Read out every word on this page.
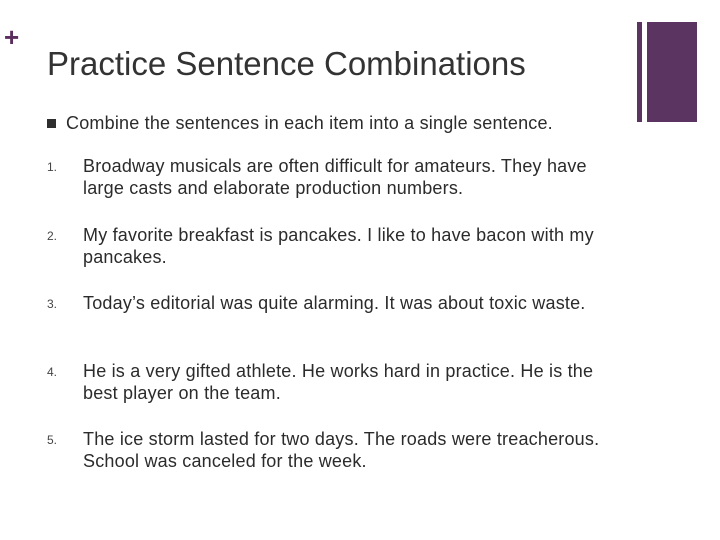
+
Practice Sentence Combinations
Combine the sentences in each item into a single sentence.
1. Broadway musicals are often difficult for amateurs. They have large casts and elaborate production numbers.
2. My favorite breakfast is pancakes. I like to have bacon with my pancakes.
3. Today’s editorial was quite alarming. It was about toxic waste.
4. He is a very gifted athlete. He works hard in practice. He is the best player on the team.
5. The ice storm lasted for two days. The roads were treacherous. School was canceled for the week.
